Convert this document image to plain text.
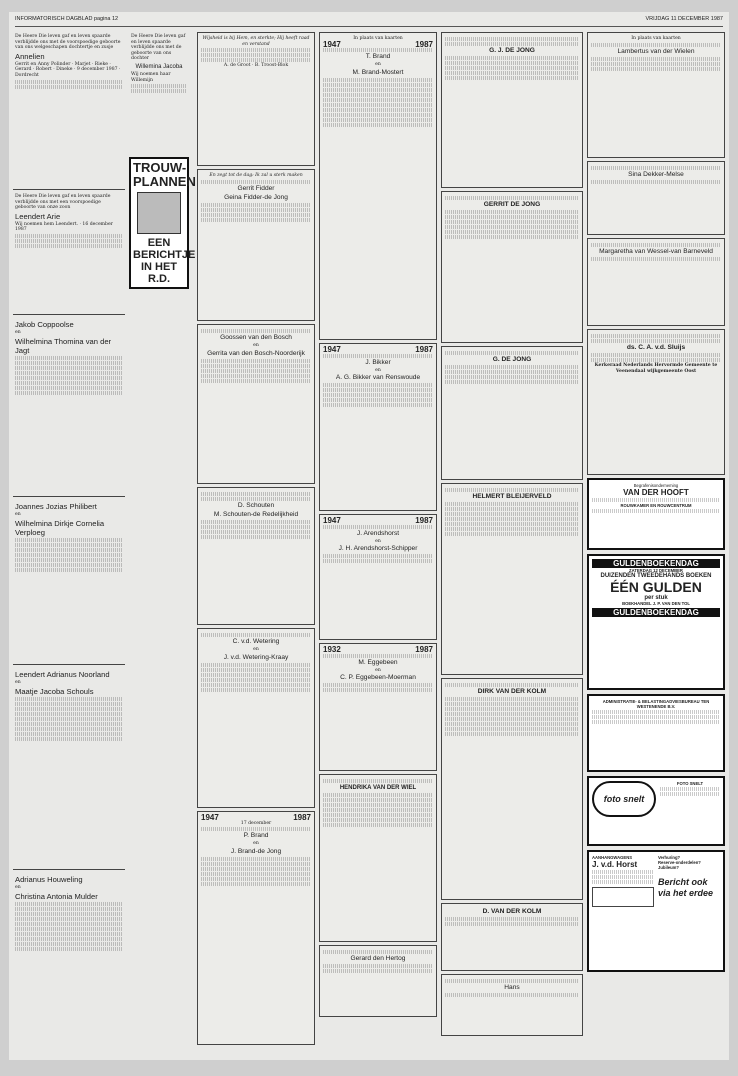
INFORMATORISCH DAGBLAD pagina 12	VRIJDAG 11 DECEMBER 1987
De Heere Die leven gaf en leven spaarde verblijdde ons met de voorspoedige geboorte van ons welgeschapen dochtertje en zusje
Annelien
Gerrit en Anny Polinder · Marjet · Rieke · Gerard · Robert · Dineke · 9 december 1987 · Dordrecht
De Heere Die leven gaf en leven spaarde verblijdde ons met een voorspoedige geboorte van onze zoon
Leendert Arie
Wij noemen hem Leendert. · 16 december 1987
Jakob Coppoolse
en
Wilhelmina Thomina van der Jagt
Joannes Jozias Philibert
en
Wilhelmina Dirkje Cornelia Verploeg
Leendert Adrianus Noorland
en
Maatje Jacoba Schouls
Adrianus Houweling
en
Christina Antonia Mulder
De Heere Die leven gaf en leven spaarde verblijdde ons met de geboorte van ons dochter
Willemina Jacoba
Wij noemen haar Willemijn
TROUW-PLANNEN
EEN BERICHTJE IN HET R.D.
Wijsheid is bij Hem, en sterkte; Hij heeft raad en verstand
A. de Groot · B. Troost-Blok
En zegt tot de dag: Ik zal u sterk maken
Gerrit Fidder
Geina Fidder-de Jong
Goossen van den Bosch
en
Gerrita van den Bosch-Noorderijk
D. Schouten
M. Schouten-de Redelijkheid
C. v.d. Wetering
en
J. v.d. Wetering-Kraay
1947	1987
17 december
P. Brand
en
J. Brand-de Jong
In plaats van kaarten
1947	1987
T. Brand
en
M. Brand-Mostert
1947	1987
J. Bikker
en
A. G. Bikker van Renswoude
1947	1987
J. Arendshorst
en
J. H. Arendshorst-Schipper
1932	1987
M. Eggebeen
en
C. P. Eggebeen-Moerman
HENDRIKA VAN DER WIEL
Gerard den Hertog
G. J. DE JONG
GERRIT DE JONG
G. DE JONG
HELMERT BLEIJERVELD
DIRK VAN DER KOLM
D. VAN DER KOLM
Hans
In plaats van kaarten
Lambertus van der Wielen
Sina Dekker-Melse
Margaretha van Wessel-van Barneveld
ds. C. A. v.d. Sluijs
Kerkeraad Nederlands Hervormde Gemeente te Veenendaal wijkgemeente Oost
Begrafenisonderneming
VAN DER HOOFT
ROUWKAMER EN ROUWCENTRUM
GULDENBOEKENDAG
ZATERDAG 12 DECEMBER
DUIZENDEN TWEEDEHANDS BOEKEN
ÉÉN GULDEN
per stuk
BOEKHANDEL J. P. VAN DEN TOL
GULDENBOEKENDAG
ADMINISTRATIE- & BELASTINGADVIESBUREAU TEN WESTENENDE B.V.
foto snelt
FOTO SNELT
AANHANGWAGENS
J. v.d. Horst
Verhuring?
Reserve-onderdelen?
Jubileum?
Bericht ook via het erdee
